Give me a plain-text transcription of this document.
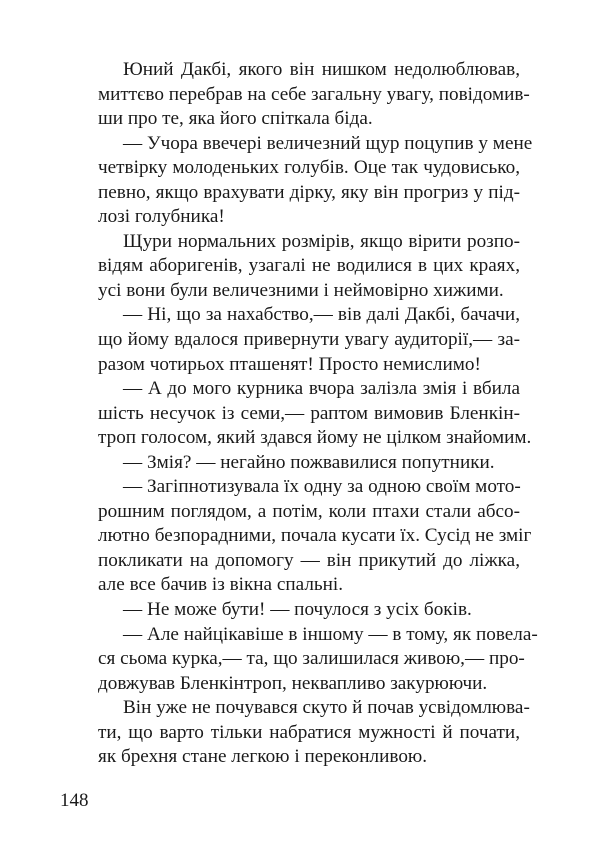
Юний Дакбі, якого він нишком недолюблював,
миттєво перебрав на себе загальну увагу, повідомив-
ши про те, яка його спіткала біда.
— Учора ввечері величезний щур поцупив у мене
четвірку молоденьких голубів. Оце так чудовисько,
певно, якщо врахувати дірку, яку він прогриз у під-
лозі голубника!
Щури нормальних розмірів, якщо вірити розпо-
відям аборигенів, узагалі не водилися в цих краях,
усі вони були величезними і неймовірно хижими.
— Ні, що за нахабство,— вів далі Дакбі, бачачи,
що йому вдалося привернути увагу аудиторії,— за-
разом чотирьох пташенят! Просто немислимо!
— А до мого курника вчора залізла змія і вбила
шість несучок із семи,— раптом вимовив Бленкін-
троп голосом, який здався йому не цілком знайомим.
— Змія? — негайно пожвавилися попутники.
— Загіпнотизувала їх одну за одною своїм мото-
рошним поглядом, а потім, коли птахи стали абсо-
лютно безпорадними, почала кусати їх. Сусід не зміг
покликати на допомогу — він прикутий до ліжка,
але все бачив із вікна спальні.
— Не може бути! — почулося з усіх боків.
— Але найцікавіше в іншому — в тому, як повела-
ся сьома курка,— та, що залишилася живою,— про-
довжував Бленкінтроп, неквапливо закурюючи.
Він уже не почувався скуто й почав усвідомлюва-
ти, що варто тільки набратися мужності й почати,
як брехня стане легкою і переконливою.
148
